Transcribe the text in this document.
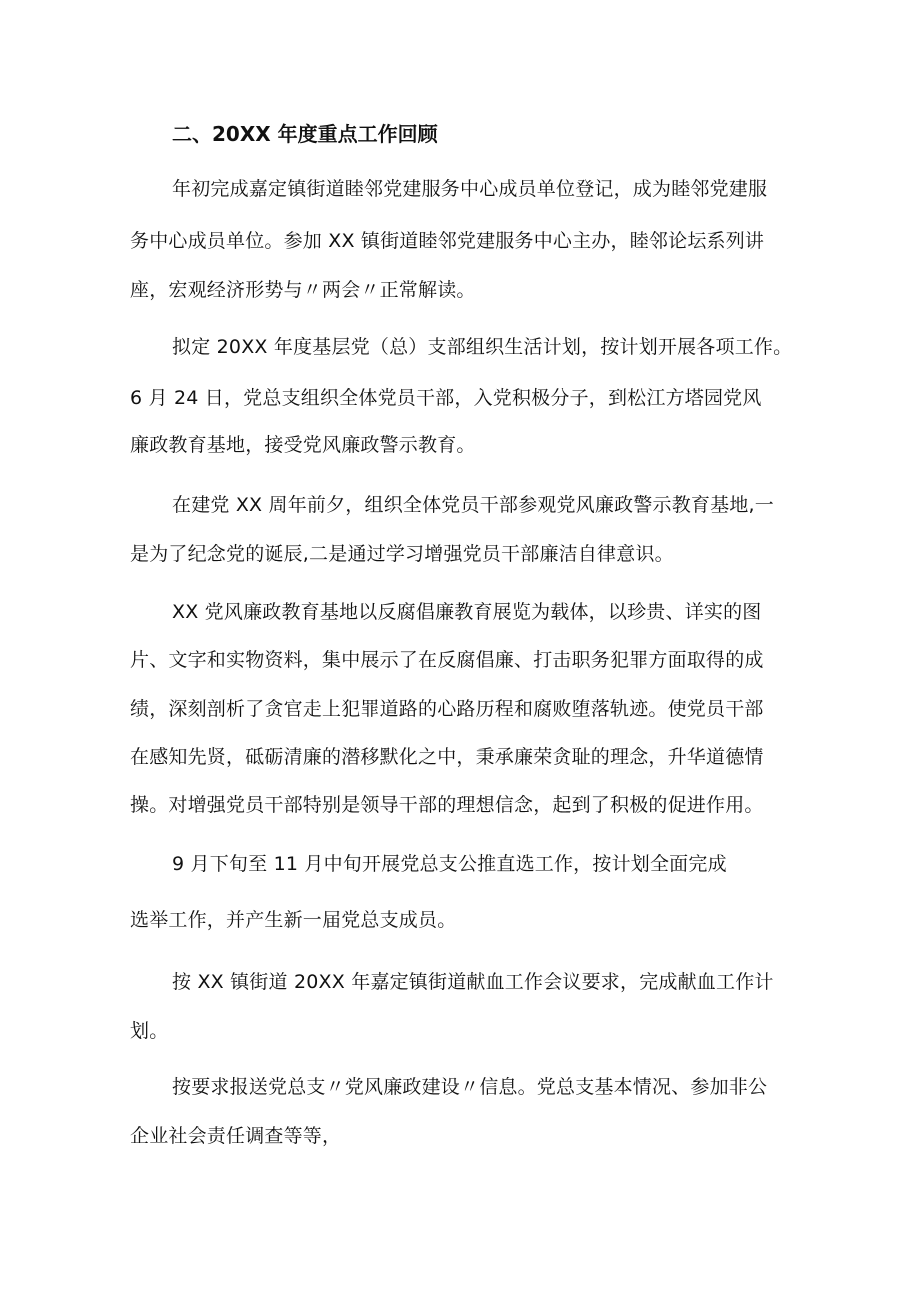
二、20XX 年度重点工作回顾
年初完成嘉定镇街道睦邻党建服务中心成员单位登记，成为睦邻党建服
务中心成员单位。参加 XX 镇街道睦邻党建服务中心主办，睦邻论坛系列讲
座，宏观经济形势与〃两会〃正常解读。
拟定 20XX 年度基层党（总）支部组织生活计划，按计划开展各项工作。
6 月 24 日，党总支组织全体党员干部，入党积极分子，到松江方塔园党风
廉政教育基地，接受党风廉政警示教育。
在建党 XX 周年前夕，组织全体党员干部参观党风廉政警示教育基地,一
是为了纪念党的诞辰,二是通过学习增强党员干部廉洁自律意识。
XX 党风廉政教育基地以反腐倡廉教育展览为载体，以珍贵、详实的图
片、文字和实物资料，集中展示了在反腐倡廉、打击职务犯罪方面取得的成
绩，深刻剖析了贪官走上犯罪道路的心路历程和腐败堕落轨迹。使党员干部
在感知先贤，砥砺清廉的潜移默化之中，秉承廉荣贪耻的理念，升华道德情
操。对增强党员干部特别是领导干部的理想信念，起到了积极的促进作用。
9 月下旬至 11 月中旬开展党总支公推直选工作，按计划全面完成
选举工作，并产生新一届党总支成员。
按 XX 镇街道 20XX 年嘉定镇街道献血工作会议要求，完成献血工作计
划。
按要求报送党总支〃党风廉政建设〃信息。党总支基本情况、参加非公
企业社会责任调查等等，
